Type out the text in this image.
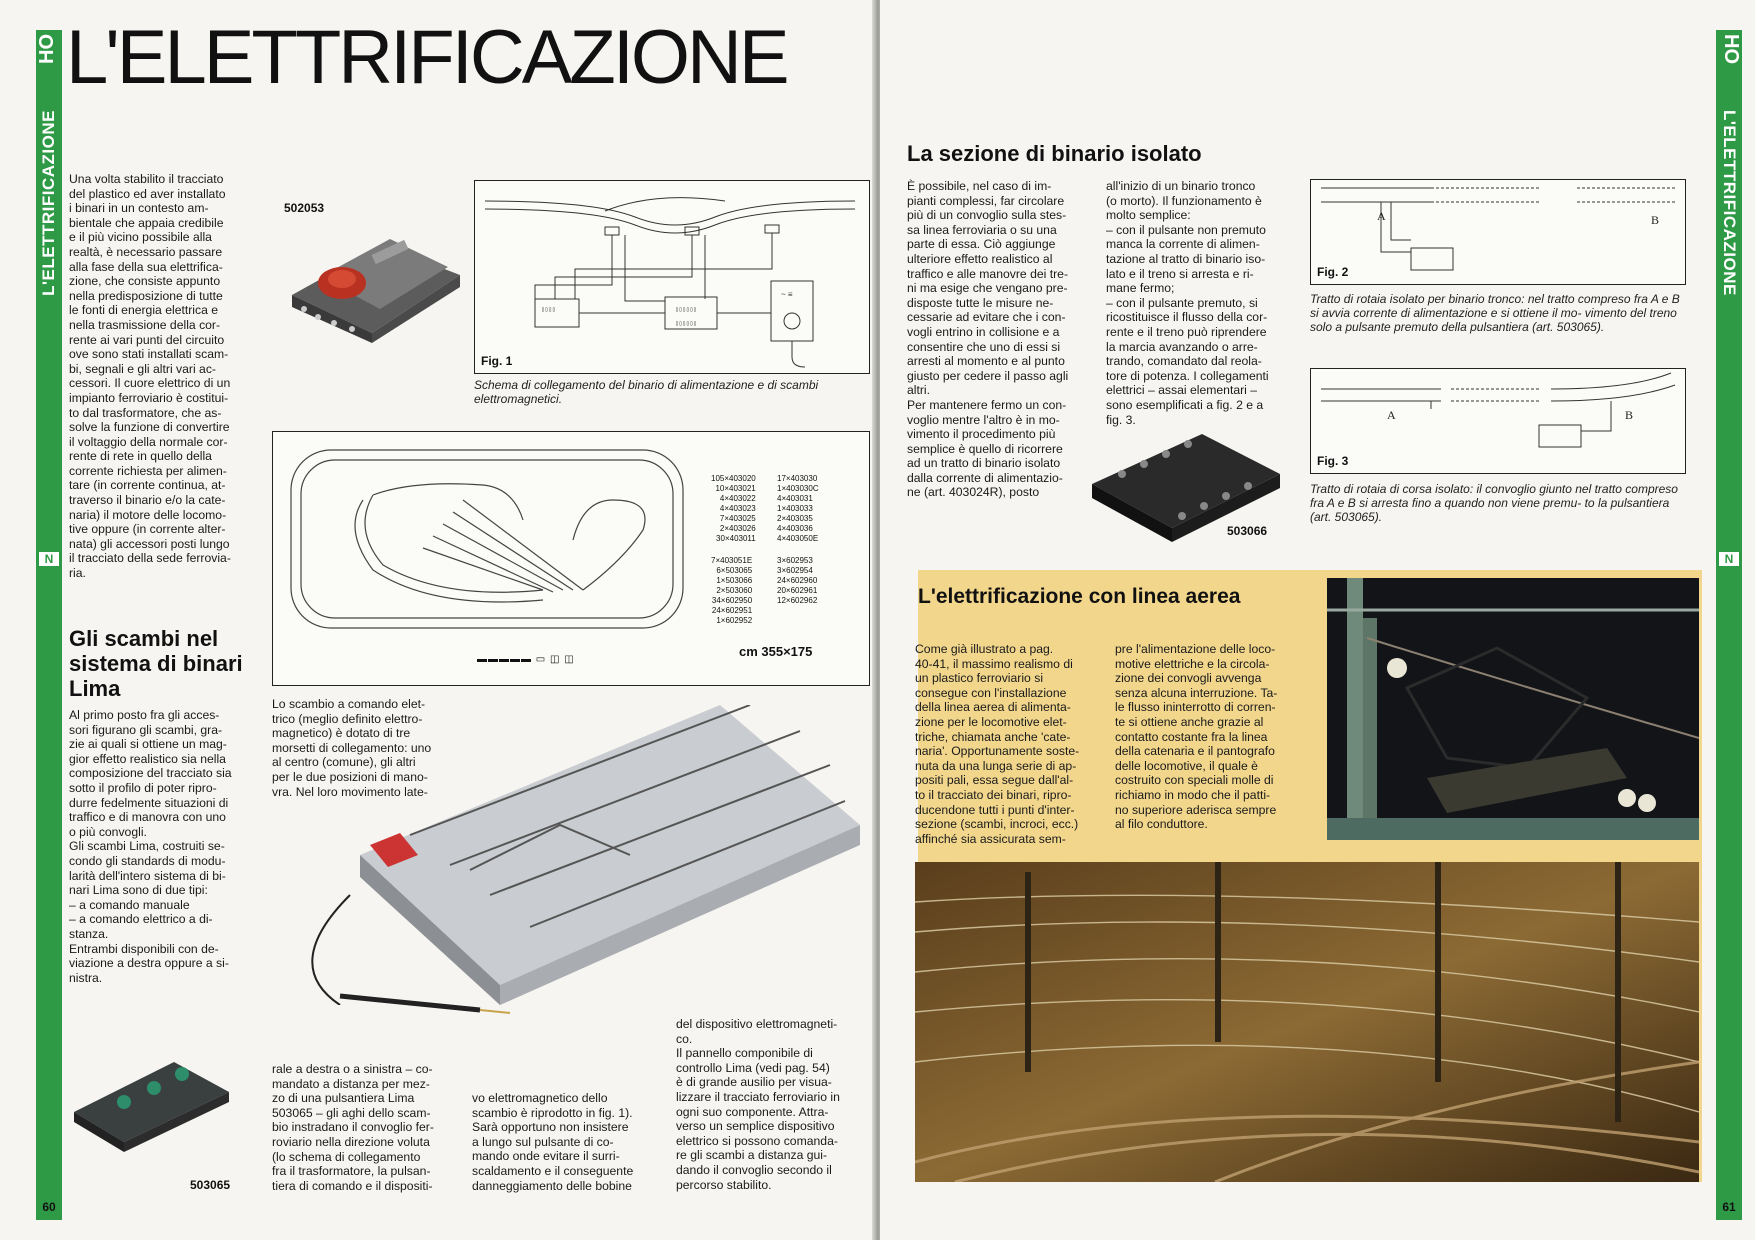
HO
L'ELETTRIFICAZIONE
N
60
L'ELETTRIFICAZIONE

Una volta stabilito il tracciato
del plastico ed aver installato
i binari in un contesto am-
bientale che appaia credibile
e il più vicino possibile alla
realtà, è necessario passare
alla fase della sua elettrifica-
zione, che consiste appunto
nella predisposizione di tutte
le fonti di energia elettrica e
nella trasmissione della cor-
rente ai vari punti del circuito
ove sono stati installati scam-
bi, segnali e gli altri vari ac-
cessori. Il cuore elettrico di un
impianto ferroviario è costitui-
to dal trasformatore, che as-
solve la funzione di convertire
il voltaggio della normale cor-
rente di rete in quello della
corrente richiesta per alimen-
tare (in corrente continua, at-
traverso il binario e/o la cate-
naria) il motore delle locomo-
tive oppure (in corrente alter-
nata) gli accessori posti lungo
il tracciato della sede ferrovia-
ria.

Gli scambi nel sistema di binari Lima

Al primo posto fra gli acces-
sori figurano gli scambi, gra-
zie ai quali si ottiene un mag-
gior effetto realistico sia nella
composizione del tracciato sia
sotto il profilo di poter ripro-
durre fedelmente situazioni di
traffico e di manovra con uno
o più convogli.
Gli scambi Lima, costruiti se-
condo gli standards di modu-
larità dell'intero sistema di bi-
nari Lima sono di due tipi:
– a comando manuale
– a comando elettrico a di-
stanza.
Entrambi disponibili con de-
viazione a destra oppure a si-
nistra.

502053
▯▯▯▯▯▯
▯▯▯▯▯▯
▯▯▯▯
~ ≡
Fig. 1

Schema di collegamento del binario di alimentazione e di scambi elettromagnetici.

105×403020
10×403021
4×403022
4×403023
7×403025
2×403026
30×403011
17×403030
1×403030C
4×403031
1×403033
2×403035
4×403036
4×403050E
7×403051E
6×503065
1×503066
2×503060
34×602950
24×602951
1×602952
3×602953
3×602954
24×602960
20×602961
12×602962
cm 355×175
▬▬▬▬▬ ▭ ◫ ◫

Lo scambio a comando elet-
trico (meglio definito elettro-
magnetico) è dotato di tre
morsetti di collegamento: uno
al centro (comune), gli altri
per le due posizioni di mano-
vra. Nel loro movimento late-

rale a destra o a sinistra – co-
mandato a distanza per mez-
zo di una pulsantiera Lima
503065 – gli aghi dello scam-
bio instradano il convoglio fer-
roviario nella direzione voluta
(lo schema di collegamento
fra il trasformatore, la pulsan-
tiera di comando e il dispositi-

vo elettromagnetico dello
scambio è riprodotto in fig. 1).
Sarà opportuno non insistere
a lungo sul pulsante di co-
mando onde evitare il surri-
scaldamento e il conseguente
danneggiamento delle bobine

del dispositivo elettromagneti-
co.
Il pannello componibile di
controllo Lima (vedi pag. 54)
è di grande ausilio per visua-
lizzare il tracciato ferroviario in
ogni suo componente. Attra-
verso un semplice dispositivo
elettrico si possono comanda-
re gli scambi a distanza gui-
dando il convoglio secondo il
percorso stabilito.

503065
HO
L'ELETTRIFICAZIONE
N
61
La sezione di binario isolato

È possibile, nel caso di im-
pianti complessi, far circolare
più di un convoglio sulla stes-
sa linea ferroviaria o su una
parte di essa. Ciò aggiunge
ulteriore effetto realistico al
traffico e alle manovre dei tre-
ni ma esige che vengano pre-
disposte tutte le misure ne-
cessarie ad evitare che i con-
vogli entrino in collisione e a
consentire che uno di essi si
arresti al momento e al punto
giusto per cedere il passo agli
altri.
Per mantenere fermo un con-
voglio mentre l'altro è in mo-
vimento il procedimento più
semplice è quello di ricorrere
ad un tratto di binario isolato
dalla corrente di alimentazio-
ne (art. 403024R), posto

all'inizio di un binario tronco
(o morto). Il funzionamento è
molto semplice:
– con il pulsante non premuto
manca la corrente di alimen-
tazione al tratto di binario iso-
lato e il treno si arresta e ri-
mane fermo;
– con il pulsante premuto, si
ricostituisce il flusso della cor-
rente e il treno può riprendere
la marcia avanzando o arre-
trando, comandato dal reola-
tore di potenza. I collegamenti
elettrici – assai elementari –
sono esemplificati a fig. 2 e a
fig. 3.

503066
A	B
Fig. 2

Tratto di rotaia isolato per binario tronco: nel tratto compreso fra A e B si avvia corrente di alimentazione e si ottiene il mo- vimento del treno solo a pulsante premuto della pulsantiera (art. 503065).

A	B
Fig. 3

Tratto di rotaia di corsa isolato: il convoglio giunto nel tratto compreso fra A e B si arresta fino a quando non viene premu- to la pulsantiera (art. 503065).

L'elettrificazione con linea aerea

Come già illustrato a pag.
40-41, il massimo realismo di
un plastico ferroviario si
consegue con l'installazione
della linea aerea di alimenta-
zione per le locomotive elet-
triche, chiamata anche 'cate-
naria'. Opportunamente soste-
nuta da una lunga serie di ap-
positi pali, essa segue dall'al-
to il tracciato dei binari, ripro-
ducendone tutti i punti d'inter-
sezione (scambi, incroci, ecc.)
affinché sia assicurata sem-

pre l'alimentazione delle loco-
motive elettriche e la circola-
zione dei convogli avvenga
senza alcuna interruzione. Ta-
le flusso ininterrotto di corren-
te si ottiene anche grazie al
contatto costante fra la linea
della catenaria e il pantografo
delle locomotive, il quale è
costruito con speciali molle di
richiamo in modo che il patti-
no superiore aderisca sempre
al filo conduttore.
